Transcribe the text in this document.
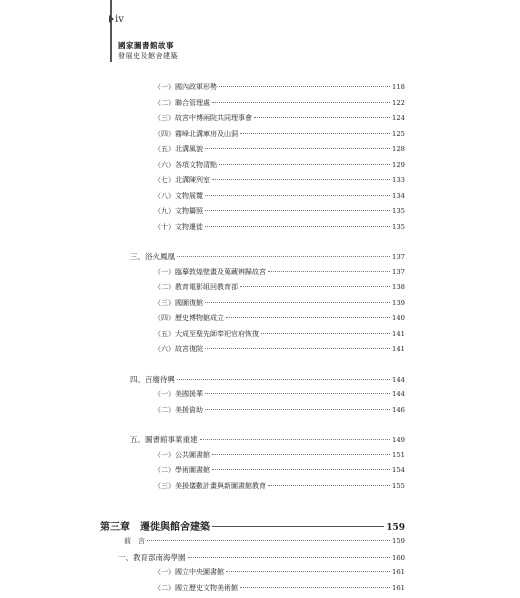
iv
國家圖書館故事
發展史及館舍建築
（一）國內政軍形勢	118
（二）聯合管理處	122
（三）故宮中博兩院共同理事會	124
（四）霧峰北溝庫房及山洞	125
（五）北溝風貌	128
（六）各項文物清點	129
（七）北溝陳列室	133
（八）文物展覽	134
（九）文物攝照	135
（十）文物遷徙	135
三、浴火鳳凰	137
（一）臨摹敦煌壁畫及蒐藏辨歸故宮	137
（二）教育電影組回教育部	138
（三）國圖復館	139
（四）歷史博物館成立	140
（五）大成至聖先師奉祀官府恢復	141
（六）故宮復院	141
四、百廢待興	144
（一）美國援華	144
（二）美援資助	146
五、圖書館事業重建	149
（一）公共圖書館	151
（二）學術圖書館	154
（三）美援儀數計畫與新圖書館教育	155
第三章　遷徙與館舍建築	159
前　言	159
一、教育部南海學園	160
（一）國立中央圖書館	161
（二）國立歷史文物美術館	161
